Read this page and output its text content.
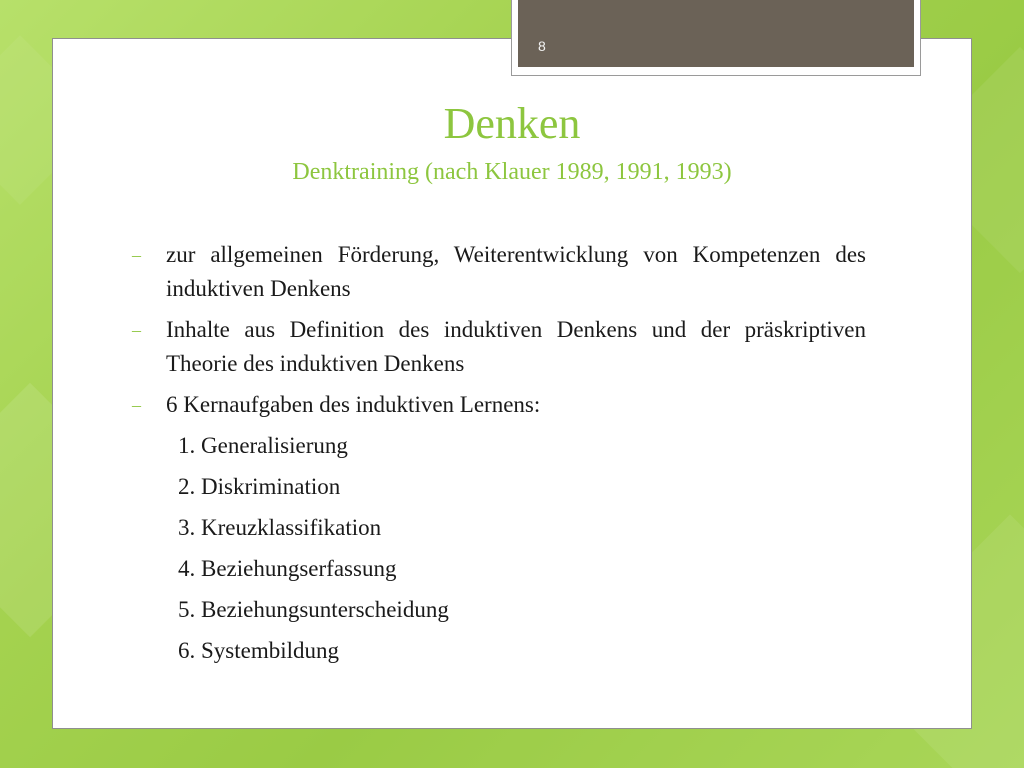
8
Denken
Denktraining (nach Klauer 1989, 1991, 1993)
– zur allgemeinen Förderung, Weiterentwicklung von Kompetenzen des induktiven Denkens
– Inhalte aus Definition des induktiven Denkens und der präskriptiven Theorie des induktiven Denkens
– 6 Kernaufgaben des induktiven Lernens:
1. Generalisierung
2. Diskrimination
3. Kreuzklassifikation
4. Beziehungserfassung
5. Beziehungsunterscheidung
6. Systembildung
